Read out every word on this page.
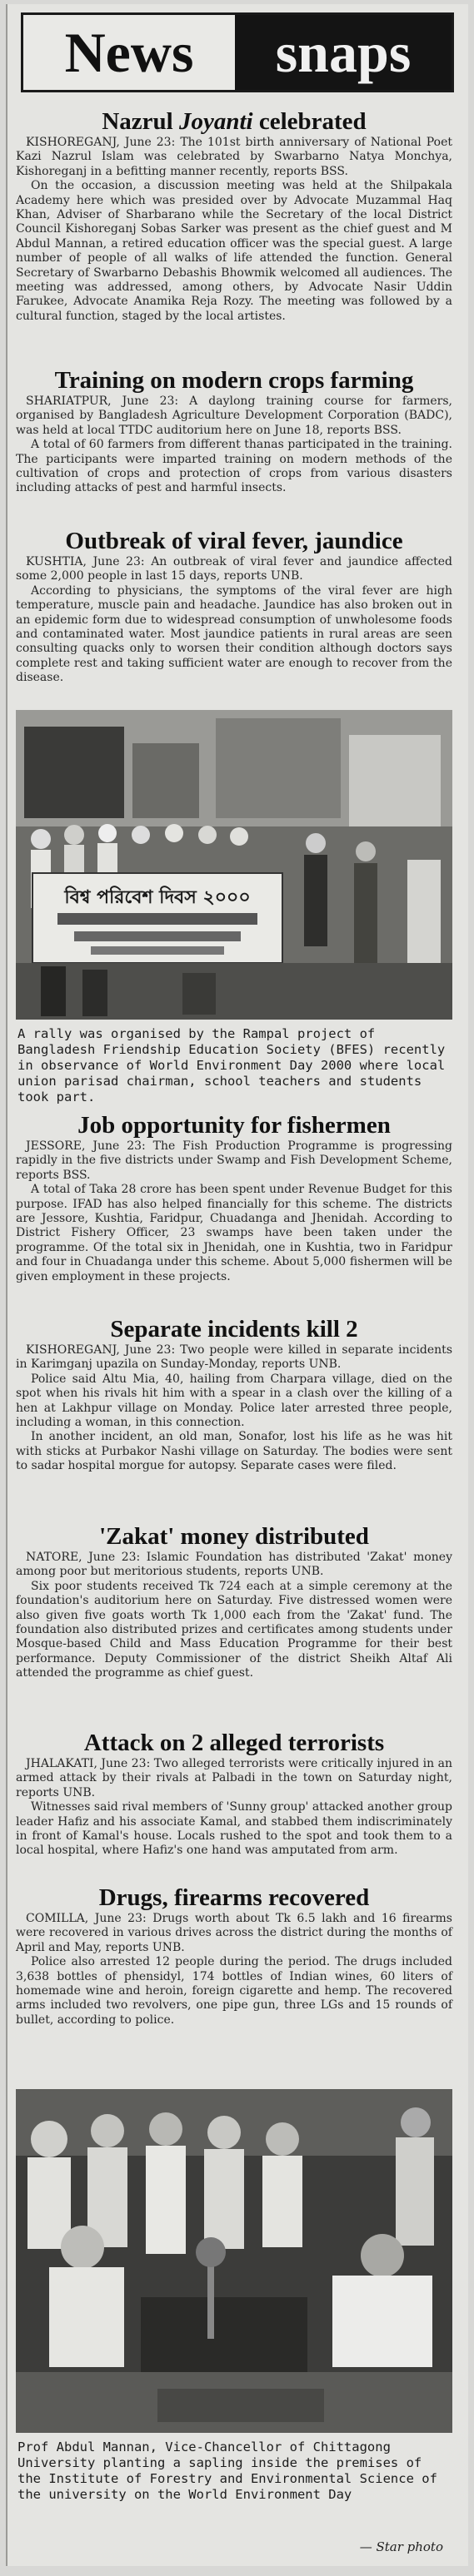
News	snaps
Nazrul Joyanti celebrated

KISHOREGANJ, June 23: The 101st birth anniversary of National Poet Kazi Nazrul Islam was celebrated by Swarbarno Natya Monchya, Kishoreganj in a befitting manner recently, reports BSS.

On the occasion, a discussion meeting was held at the Shilpakala Academy here which was presided over by Advocate Muzammal Haq Khan, Adviser of Sharbarano while the Secretary of the local District Council Kishoreganj Sobas Sarker was present as the chief guest and M Abdul Mannan, a retired education officer was the special guest. A large number of people of all walks of life attended the function. General Secretary of Swarbarno Debashis Bhowmik welcomed all audiences. The meeting was addressed, among others, by Advocate Nasir Uddin Farukee, Advocate Anamika Reja Rozy. The meeting was followed by a cultural function, staged by the local artistes.

Training on modern crops farming

SHARIATPUR, June 23: A daylong training course for farmers, organised by Bangladesh Agriculture Development Corporation (BADC), was held at local TTDC auditorium here on June 18, reports BSS.

A total of 60 farmers from different thanas participated in the training. The participants were imparted training on modern methods of the cultivation of crops and protection of crops from various disasters including attacks of pest and harmful insects.

Outbreak of viral fever, jaundice

KUSHTIA, June 23: An outbreak of viral fever and jaundice affected some 2,000 people in last 15 days, reports UNB.

According to physicians, the symptoms of the viral fever are high temperature, muscle pain and headache. Jaundice has also broken out in an epidemic form due to widespread consumption of unwholesome foods and contaminated water. Most jaundice patients in rural areas are seen consulting quacks only to worsen their condition although doctors says complete rest and taking sufficient water are enough to recover from the disease.

বিশ্ব পরিবেশ দিবস ২০০০

A rally was organised by the Rampal project of Bangladesh Friendship Education Society (BFES) recently in observance of World Environment Day 2000 where local union parisad chairman, school teachers and students took part.

Job opportunity for fishermen

JESSORE, June 23: The Fish Production Programme is progressing rapidly in the five districts under Swamp and Fish Development Scheme, reports BSS.

A total of Taka 28 crore has been spent under Revenue Budget for this purpose. IFAD has also helped financially for this scheme. The districts are Jessore, Kushtia, Faridpur, Chuadanga and Jhenidah. According to District Fishery Officer, 23 swamps have been taken under the programme. Of the total six in Jhenidah, one in Kushtia, two in Faridpur and four in Chuadanga under this scheme. About 5,000 fishermen will be given employment in these projects.

Separate incidents kill 2

KISHOREGANJ, June 23: Two people were killed in separate incidents in Karimganj upazila on Sunday-Monday, reports UNB.

Police said Altu Mia, 40, hailing from Charpara village, died on the spot when his rivals hit him with a spear in a clash over the killing of a hen at Lakhpur village on Monday. Police later arrested three people, including a woman, in this connection.

In another incident, an old man, Sonafor, lost his life as he was hit with sticks at Purbakor Nashi village on Saturday. The bodies were sent to sadar hospital morgue for autopsy. Separate cases were filed.

'Zakat' money distributed

NATORE, June 23: Islamic Foundation has distributed 'Zakat' money among poor but meritorious students, reports UNB.

Six poor students received Tk 724 each at a simple ceremony at the foundation's auditorium here on Saturday. Five distressed women were also given five goats worth Tk 1,000 each from the 'Zakat' fund. The foundation also distributed prizes and certificates among students under Mosque-based Child and Mass Education Programme for their best performance. Deputy Commissioner of the district Sheikh Altaf Ali attended the programme as chief guest.

Attack on 2 alleged terrorists

JHALAKATI, June 23: Two alleged terrorists were critically injured in an armed attack by their rivals at Palbadi in the town on Saturday night, reports UNB.

Witnesses said rival members of 'Sunny group' attacked another group leader Hafiz and his associate Kamal, and stabbed them indiscriminately in front of Kamal's house. Locals rushed to the spot and took them to a local hospital, where Hafiz's one hand was amputated from arm.

Drugs, firearms recovered

COMILLA, June 23: Drugs worth about Tk 6.5 lakh and 16 firearms were recovered in various drives across the district during the months of April and May, reports UNB.

Police also arrested 12 people during the period. The drugs included 3,638 bottles of phensidyl, 174 bottles of Indian wines, 60 liters of homemade wine and heroin, foreign cigarette and hemp. The recovered arms included two revolvers, one pipe gun, three LGs and 15 rounds of bullet, according to police.

Prof Abdul Mannan, Vice-Chancellor of Chittagong University planting a sapling inside the premises of the Institute of Forestry and Environmental Science of the university on the World Environment Day

— Star photo
